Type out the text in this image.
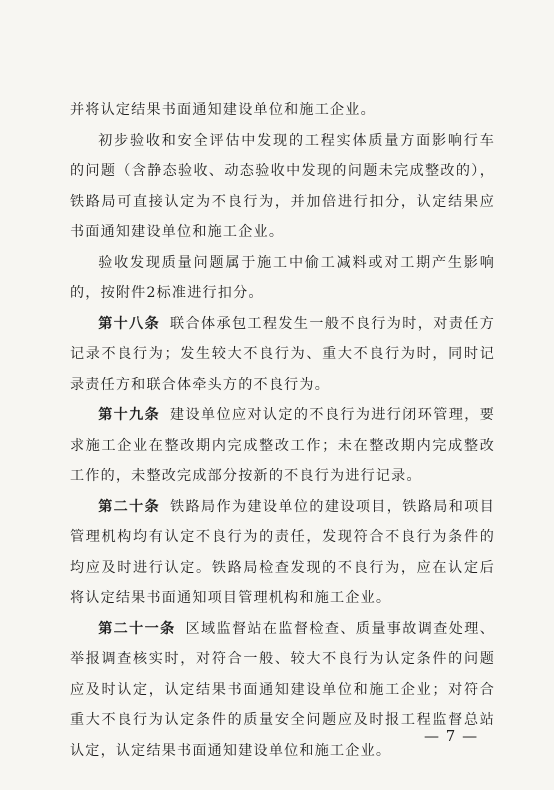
并将认定结果书面通知建设单位和施工企业。

初步验收和安全评估中发现的工程实体质量方面影响行车的问题（含静态验收、动态验收中发现的问题未完成整改的），铁路局可直接认定为不良行为，并加倍进行扣分，认定结果应书面通知建设单位和施工企业。

验收发现质量问题属于施工中偷工减料或对工期产生影响的，按附件2标准进行扣分。

第十八条 联合体承包工程发生一般不良行为时，对责任方记录不良行为；发生较大不良行为、重大不良行为时，同时记录责任方和联合体牵头方的不良行为。

第十九条 建设单位应对认定的不良行为进行闭环管理，要求施工企业在整改期内完成整改工作；未在整改期内完成整改工作的，未整改完成部分按新的不良行为进行记录。

第二十条 铁路局作为建设单位的建设项目，铁路局和项目管理机构均有认定不良行为的责任，发现符合不良行为条件的均应及时进行认定。铁路局检查发现的不良行为，应在认定后将认定结果书面通知项目管理机构和施工企业。

第二十一条 区域监督站在监督检查、质量事故调查处理、举报调查核实时，对符合一般、较大不良行为认定条件的问题应及时认定，认定结果书面通知建设单位和施工企业；对符合重大不良行为认定条件的质量安全问题应及时报工程监督总站认定，认定结果书面通知建设单位和施工企业。

— 7 —
